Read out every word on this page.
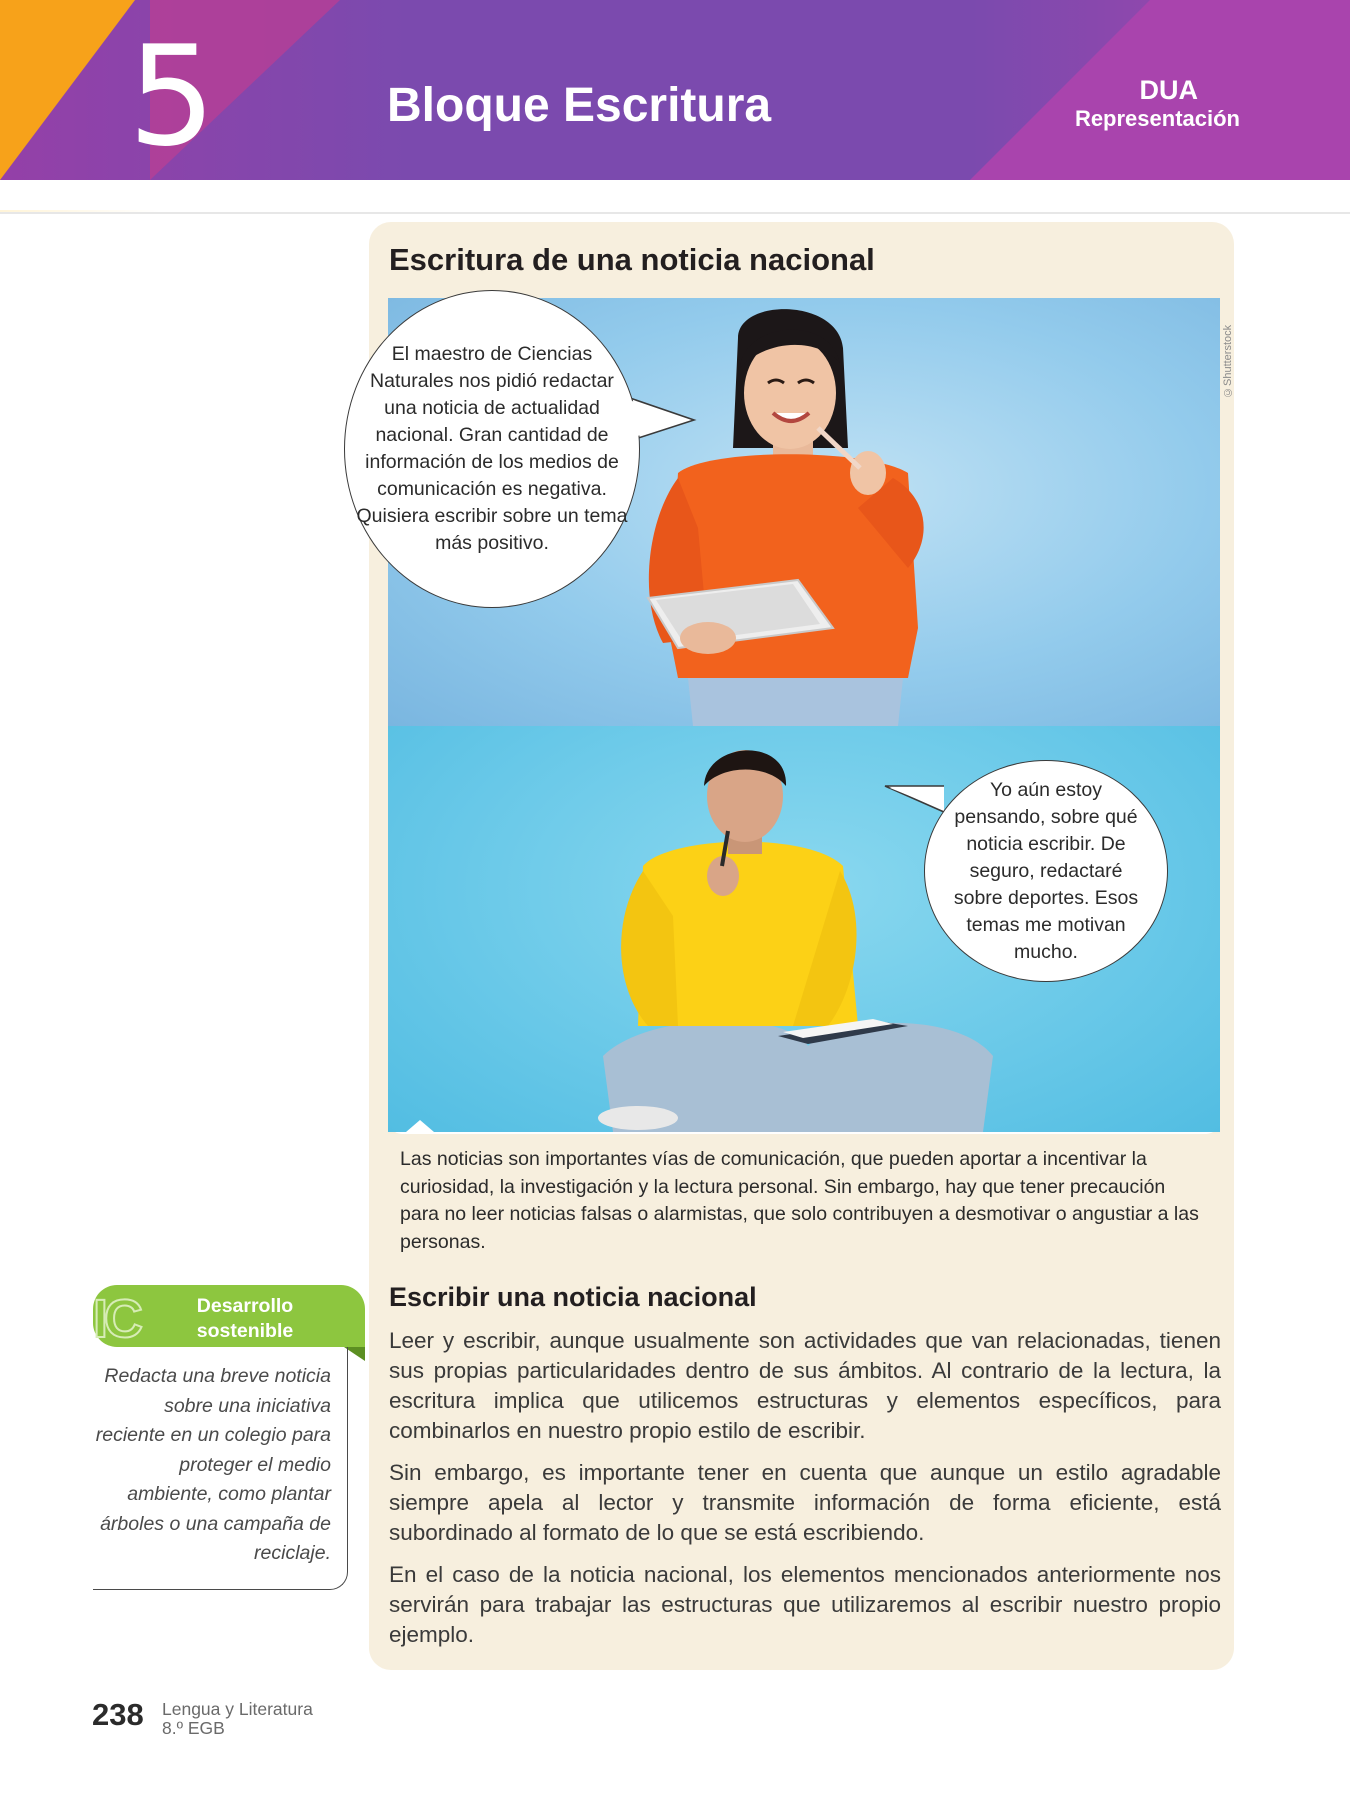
5	Bloque Escritura	DUA
Representación
Escritura de una noticia nacional
Las noticias son importantes vías de comunicación, que pueden aportar a incentivar la curiosidad, la investigación y la lectura personal. Sin embargo, hay que tener precaución para no leer noticias falsas o alarmistas, que solo contribuyen a desmotivar o angustiar a las personas.
©Shutterstock
El maestro de Ciencias Naturales nos pidió redactar una noticia de actualidad nacional. Gran cantidad de información de los medios de comunicación es negativa. Quisiera escribir sobre un tema más positivo.
Yo aún estoy pensando, sobre qué noticia escribir. De seguro, redactaré sobre deportes. Esos temas me motivan mucho.
Escribir una noticia nacional

Leer y escribir, aunque usualmente son actividades que van relacionadas, tienen sus propias particularidades dentro de sus ámbitos. Al contrario de la lectura, la escritura implica que utilicemos estructuras y elementos específicos, para combinarlos en nuestro propio estilo de escribir.

Sin embargo, es importante tener en cuenta que aunque un estilo agradable siempre apela al lector y transmite información de forma eficiente, está subordinado al formato de lo que se está escribiendo.

En el caso de la noticia nacional, los elementos mencionados anteriormente nos servirán para trabajar las estructuras que utilizaremos al escribir nuestro propio ejemplo.

IC	Desarrollo sostenible
Redacta una breve noticia sobre una iniciativa reciente en un colegio para proteger el medio ambiente, como plantar árboles o una campaña de reciclaje.
238 Lengua y Literatura
8.º EGB
